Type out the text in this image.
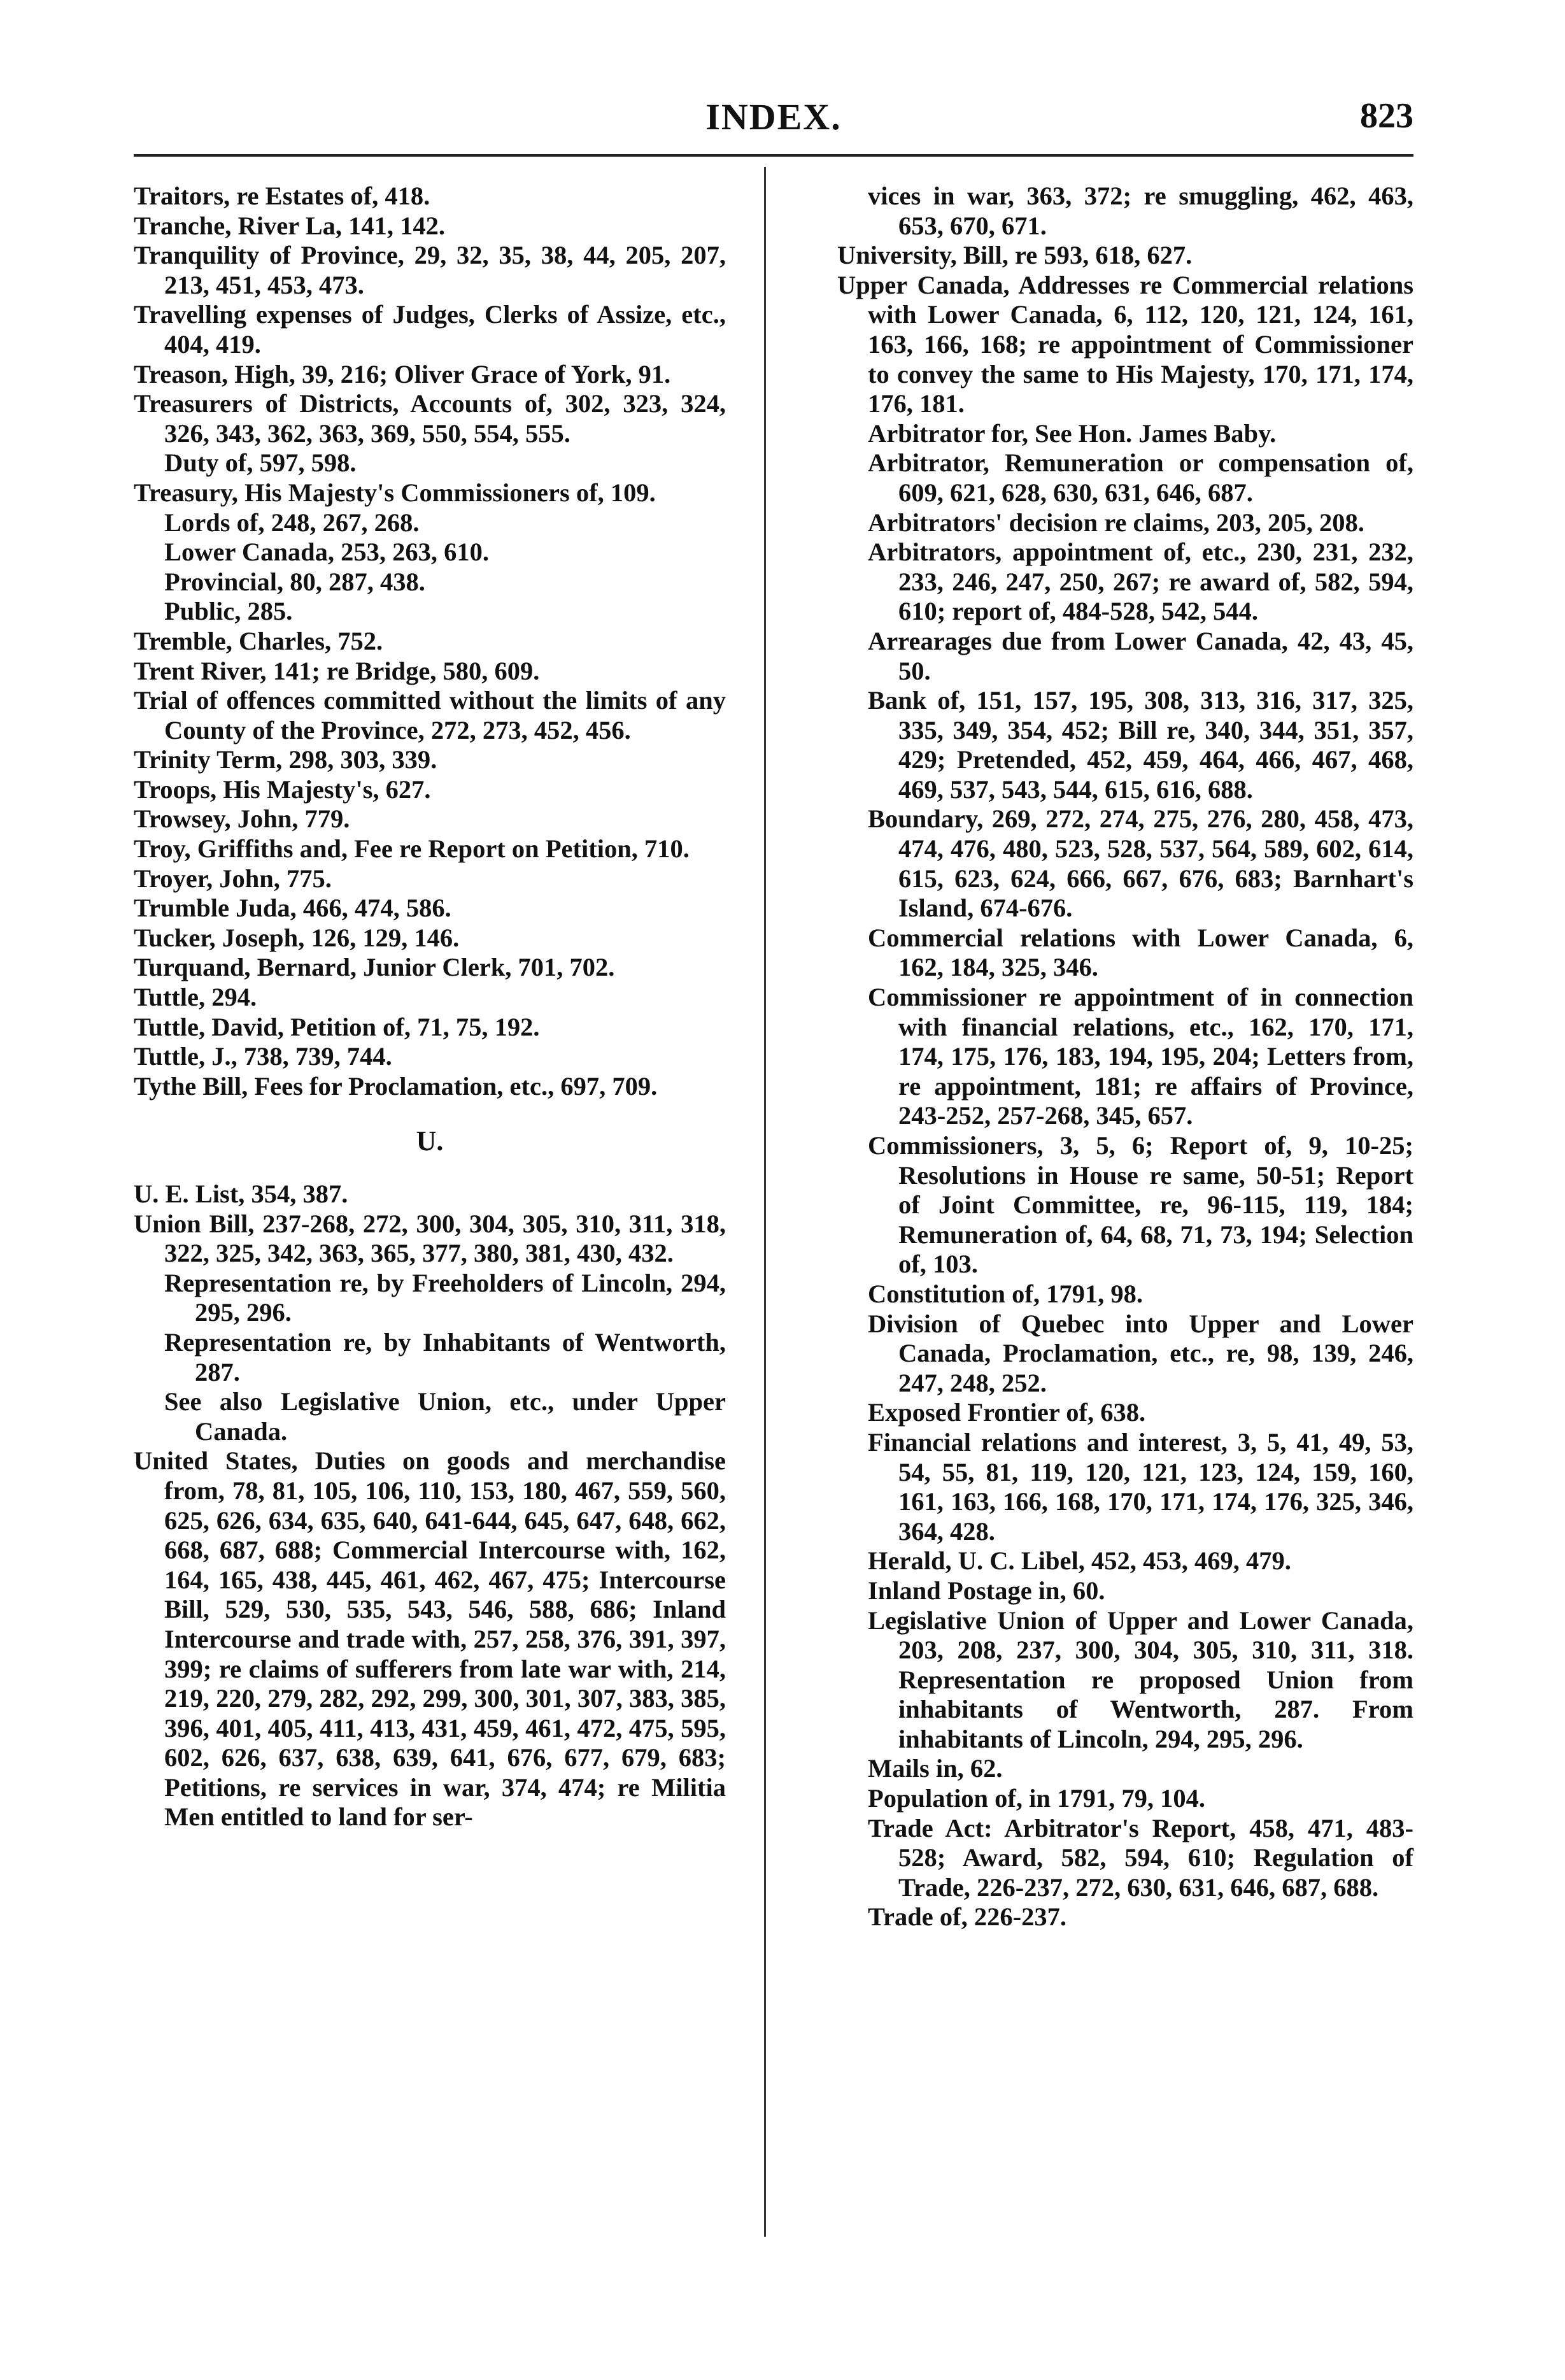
INDEX.	823

Traitors, re Estates of, 418.

Tranche, River La, 141, 142.

Tranquility of Province, 29, 32, 35, 38, 44, 205, 207, 213, 451, 453, 473.

Travelling expenses of Judges, Clerks of Assize, etc., 404, 419.

Treason, High, 39, 216; Oliver Grace of York, 91.

Treasurers of Districts, Accounts of, 302, 323, 324, 326, 343, 362, 363, 369, 550, 554, 555.

Duty of, 597, 598.

Treasury, His Majesty's Commissioners of, 109.

Lords of, 248, 267, 268.

Lower Canada, 253, 263, 610.

Provincial, 80, 287, 438.

Public, 285.

Tremble, Charles, 752.

Trent River, 141; re Bridge, 580, 609.

Trial of offences committed without the limits of any County of the Province, 272, 273, 452, 456.

Trinity Term, 298, 303, 339.

Troops, His Majesty's, 627.

Trowsey, John, 779.

Troy, Griffiths and, Fee re Report on Petition, 710.

Troyer, John, 775.

Trumble Juda, 466, 474, 586.

Tucker, Joseph, 126, 129, 146.

Turquand, Bernard, Junior Clerk, 701, 702.

Tuttle, 294.

Tuttle, David, Petition of, 71, 75, 192.

Tuttle, J., 738, 739, 744.

Tythe Bill, Fees for Proclamation, etc., 697, 709.

U.

U. E. List, 354, 387.

Union Bill, 237-268, 272, 300, 304, 305, 310, 311, 318, 322, 325, 342, 363, 365, 377, 380, 381, 430, 432.

Representation re, by Freeholders of Lincoln, 294, 295, 296.

Representation re, by Inhabitants of Wentworth, 287.

See also Legislative Union, etc., under Upper Canada.

United States, Duties on goods and merchandise from, 78, 81, 105, 106, 110, 153, 180, 467, 559, 560, 625, 626, 634, 635, 640, 641-644, 645, 647, 648, 662, 668, 687, 688; Commercial Intercourse with, 162, 164, 165, 438, 445, 461, 462, 467, 475; Intercourse Bill, 529, 530, 535, 543, 546, 588, 686; Inland Intercourse and trade with, 257, 258, 376, 391, 397, 399; re claims of sufferers from late war with, 214, 219, 220, 279, 282, 292, 299, 300, 301, 307, 383, 385, 396, 401, 405, 411, 413, 431, 459, 461, 472, 475, 595, 602, 626, 637, 638, 639, 641, 676, 677, 679, 683; Petitions, re services in war, 374, 474; re Militia Men entitled to land for ser-

vices in war, 363, 372; re smuggling, 462, 463, 653, 670, 671.

University, Bill, re 593, 618, 627.

Upper Canada, Addresses re Commercial relations with Lower Canada, 6, 112, 120, 121, 124, 161, 163, 166, 168; re appointment of Commissioner to convey the same to His Majesty, 170, 171, 174, 176, 181.

Arbitrator for, See Hon. James Baby.

Arbitrator, Remuneration or compensation of, 609, 621, 628, 630, 631, 646, 687.

Arbitrators' decision re claims, 203, 205, 208.

Arbitrators, appointment of, etc., 230, 231, 232, 233, 246, 247, 250, 267; re award of, 582, 594, 610; report of, 484-528, 542, 544.

Arrearages due from Lower Canada, 42, 43, 45, 50.

Bank of, 151, 157, 195, 308, 313, 316, 317, 325, 335, 349, 354, 452; Bill re, 340, 344, 351, 357, 429; Pretended, 452, 459, 464, 466, 467, 468, 469, 537, 543, 544, 615, 616, 688.

Boundary, 269, 272, 274, 275, 276, 280, 458, 473, 474, 476, 480, 523, 528, 537, 564, 589, 602, 614, 615, 623, 624, 666, 667, 676, 683; Barnhart's Island, 674-676.

Commercial relations with Lower Canada, 6, 162, 184, 325, 346.

Commissioner re appointment of in connection with financial relations, etc., 162, 170, 171, 174, 175, 176, 183, 194, 195, 204; Letters from, re appointment, 181; re affairs of Province, 243-252, 257-268, 345, 657.

Commissioners, 3, 5, 6; Report of, 9, 10-25; Resolutions in House re same, 50-51; Report of Joint Committee, re, 96-115, 119, 184; Remuneration of, 64, 68, 71, 73, 194; Selection of, 103.

Constitution of, 1791, 98.

Division of Quebec into Upper and Lower Canada, Proclamation, etc., re, 98, 139, 246, 247, 248, 252.

Exposed Frontier of, 638.

Financial relations and interest, 3, 5, 41, 49, 53, 54, 55, 81, 119, 120, 121, 123, 124, 159, 160, 161, 163, 166, 168, 170, 171, 174, 176, 325, 346, 364, 428.

Herald, U. C. Libel, 452, 453, 469, 479.

Inland Postage in, 60.

Legislative Union of Upper and Lower Canada, 203, 208, 237, 300, 304, 305, 310, 311, 318. Representation re proposed Union from inhabitants of Wentworth, 287. From inhabitants of Lincoln, 294, 295, 296.

Mails in, 62.

Population of, in 1791, 79, 104.

Trade Act: Arbitrator's Report, 458, 471, 483-528; Award, 582, 594, 610; Regulation of Trade, 226-237, 272, 630, 631, 646, 687, 688.

Trade of, 226-237.
